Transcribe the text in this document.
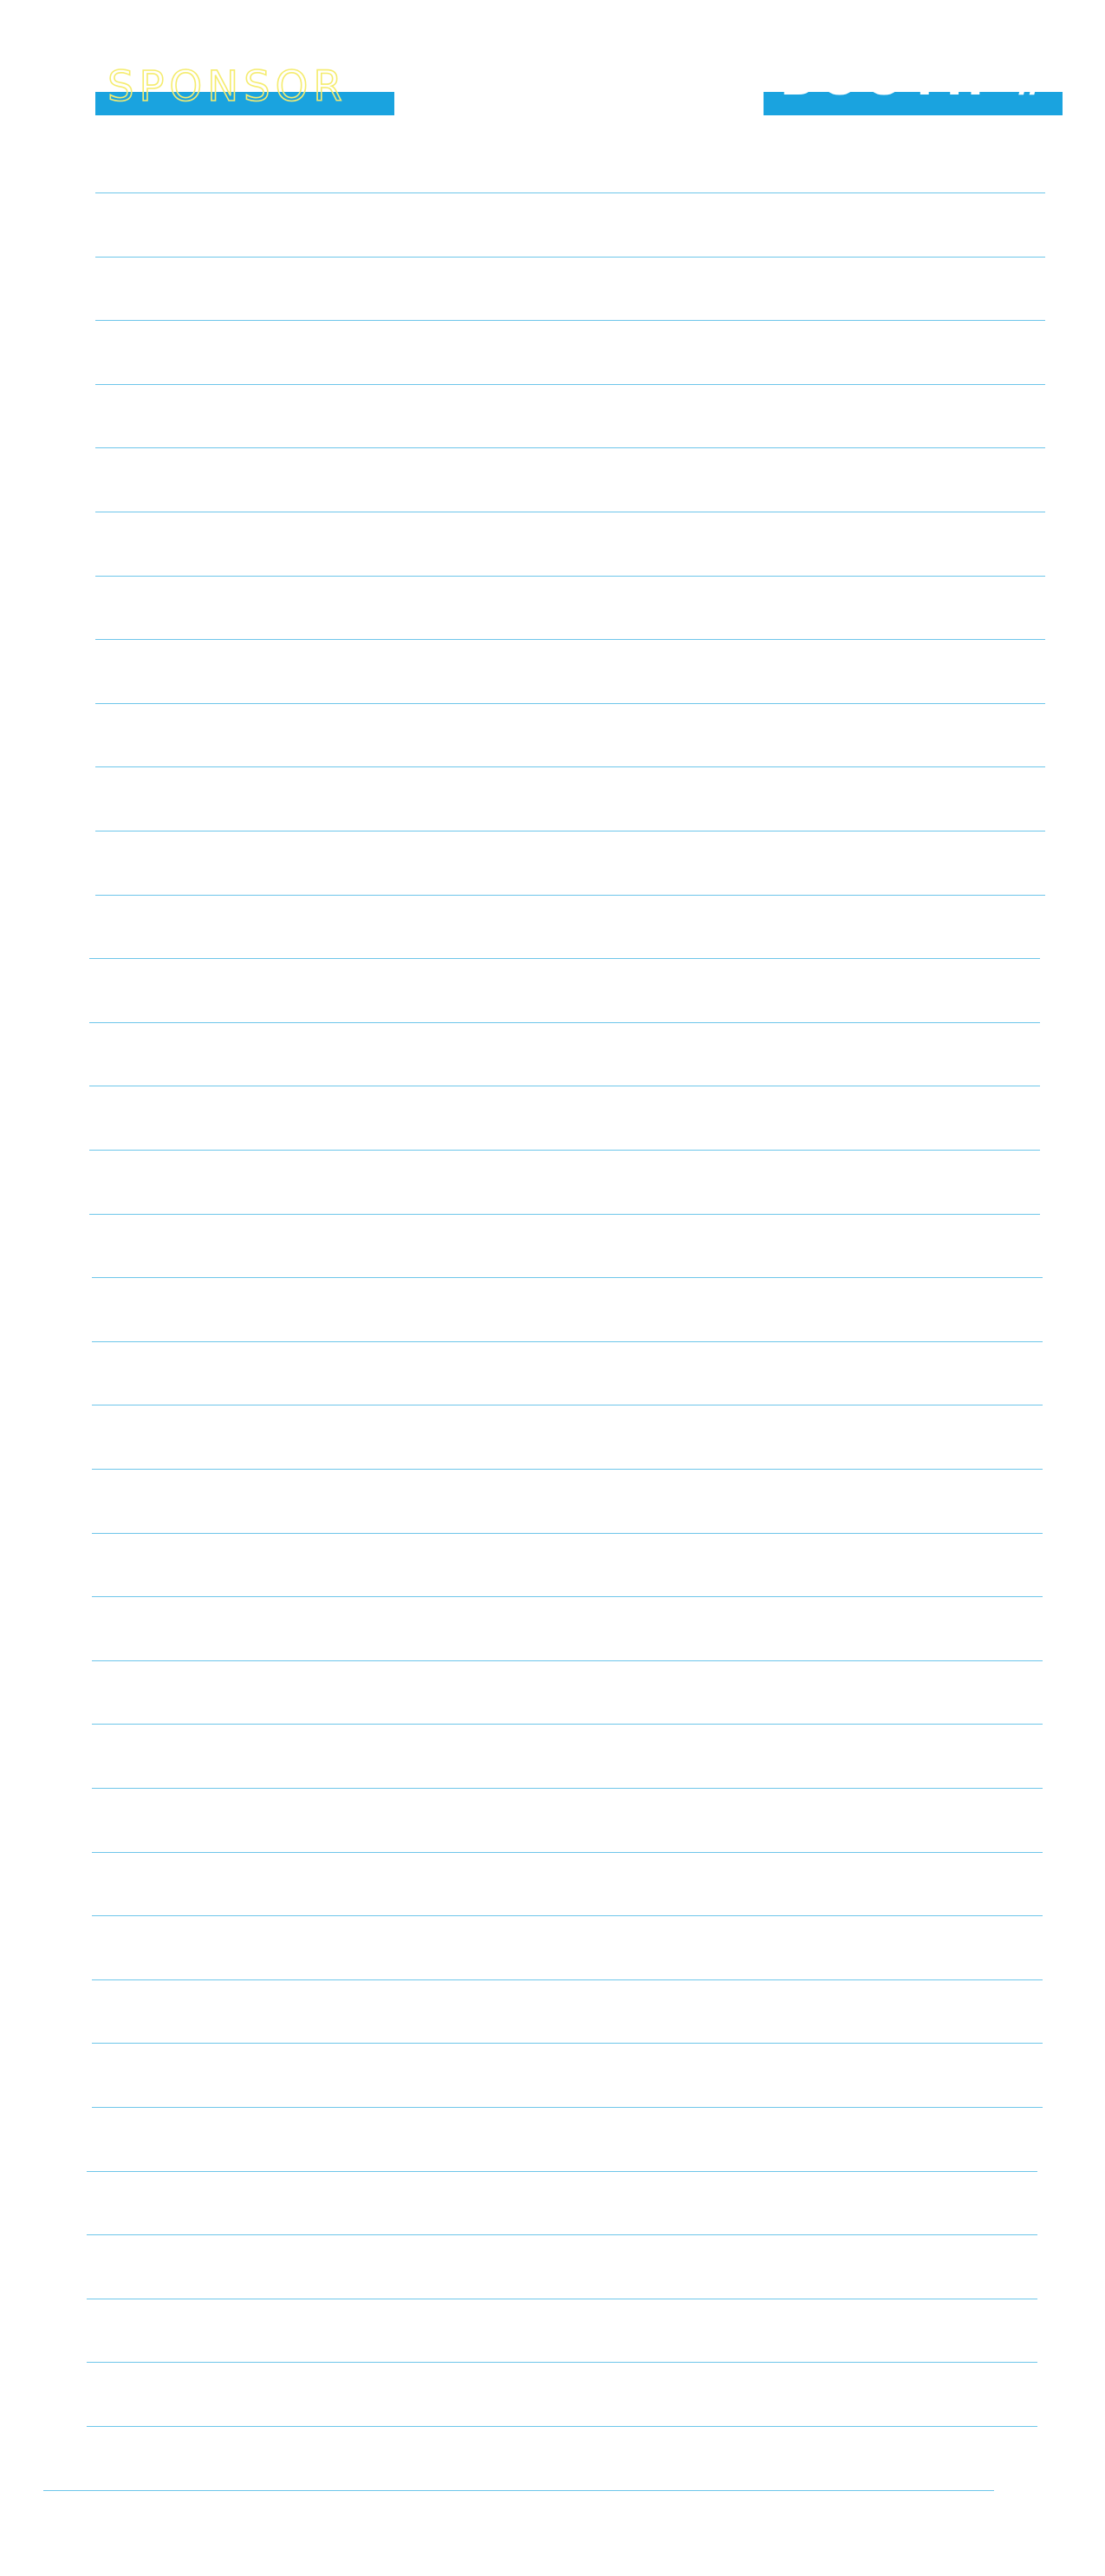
SPONSOR	BOOTH #
